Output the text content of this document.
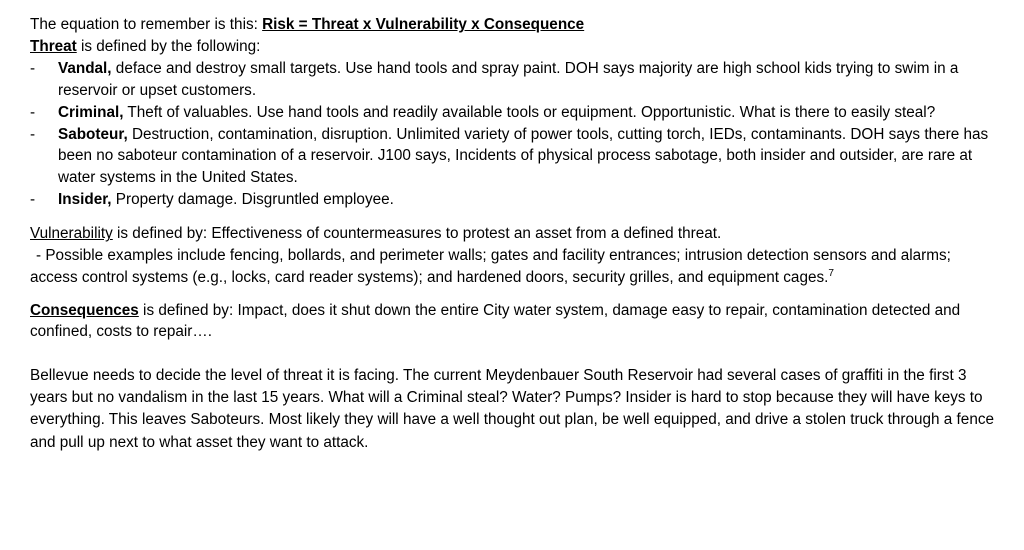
The equation to remember is this: Risk = Threat x Vulnerability x Consequence

Threat is defined by the following:

- Vandal, deface and destroy small targets. Use hand tools and spray paint. DOH says majority are high school kids trying to swim in a reservoir or upset customers.
- Criminal, Theft of valuables. Use hand tools and readily available tools or equipment. Opportunistic. What is there to easily steal?
- Saboteur, Destruction, contamination, disruption. Unlimited variety of power tools, cutting torch, IEDs, contaminants. DOH says there has been no saboteur contamination of a reservoir. J100 says, Incidents of physical process sabotage, both insider and outsider, are rare at water systems in the United States.
- Insider, Property damage. Disgruntled employee.

Vulnerability is defined by: Effectiveness of countermeasures to protest an asset from a defined threat.

- Possible examples include fencing, bollards, and perimeter walls; gates and facility entrances; intrusion detection sensors and alarms; access control systems (e.g., locks, card reader systems); and hardened doors, security grilles, and equipment cages.$^7$

Consequences is defined by: Impact, does it shut down the entire City water system, damage easy to repair, contamination detected and confined, costs to repair….

Bellevue needs to decide the level of threat it is facing. The current Meydenbauer South Reservoir had several cases of graffiti in the first 3 years but no vandalism in the last 15 years. What will a Criminal steal? Water? Pumps? Insider is hard to stop because they will have keys to everything. This leaves Saboteurs. Most likely they will have a well thought out plan, be well equipped, and drive a stolen truck through a fence and pull up next to what asset they want to attack.
